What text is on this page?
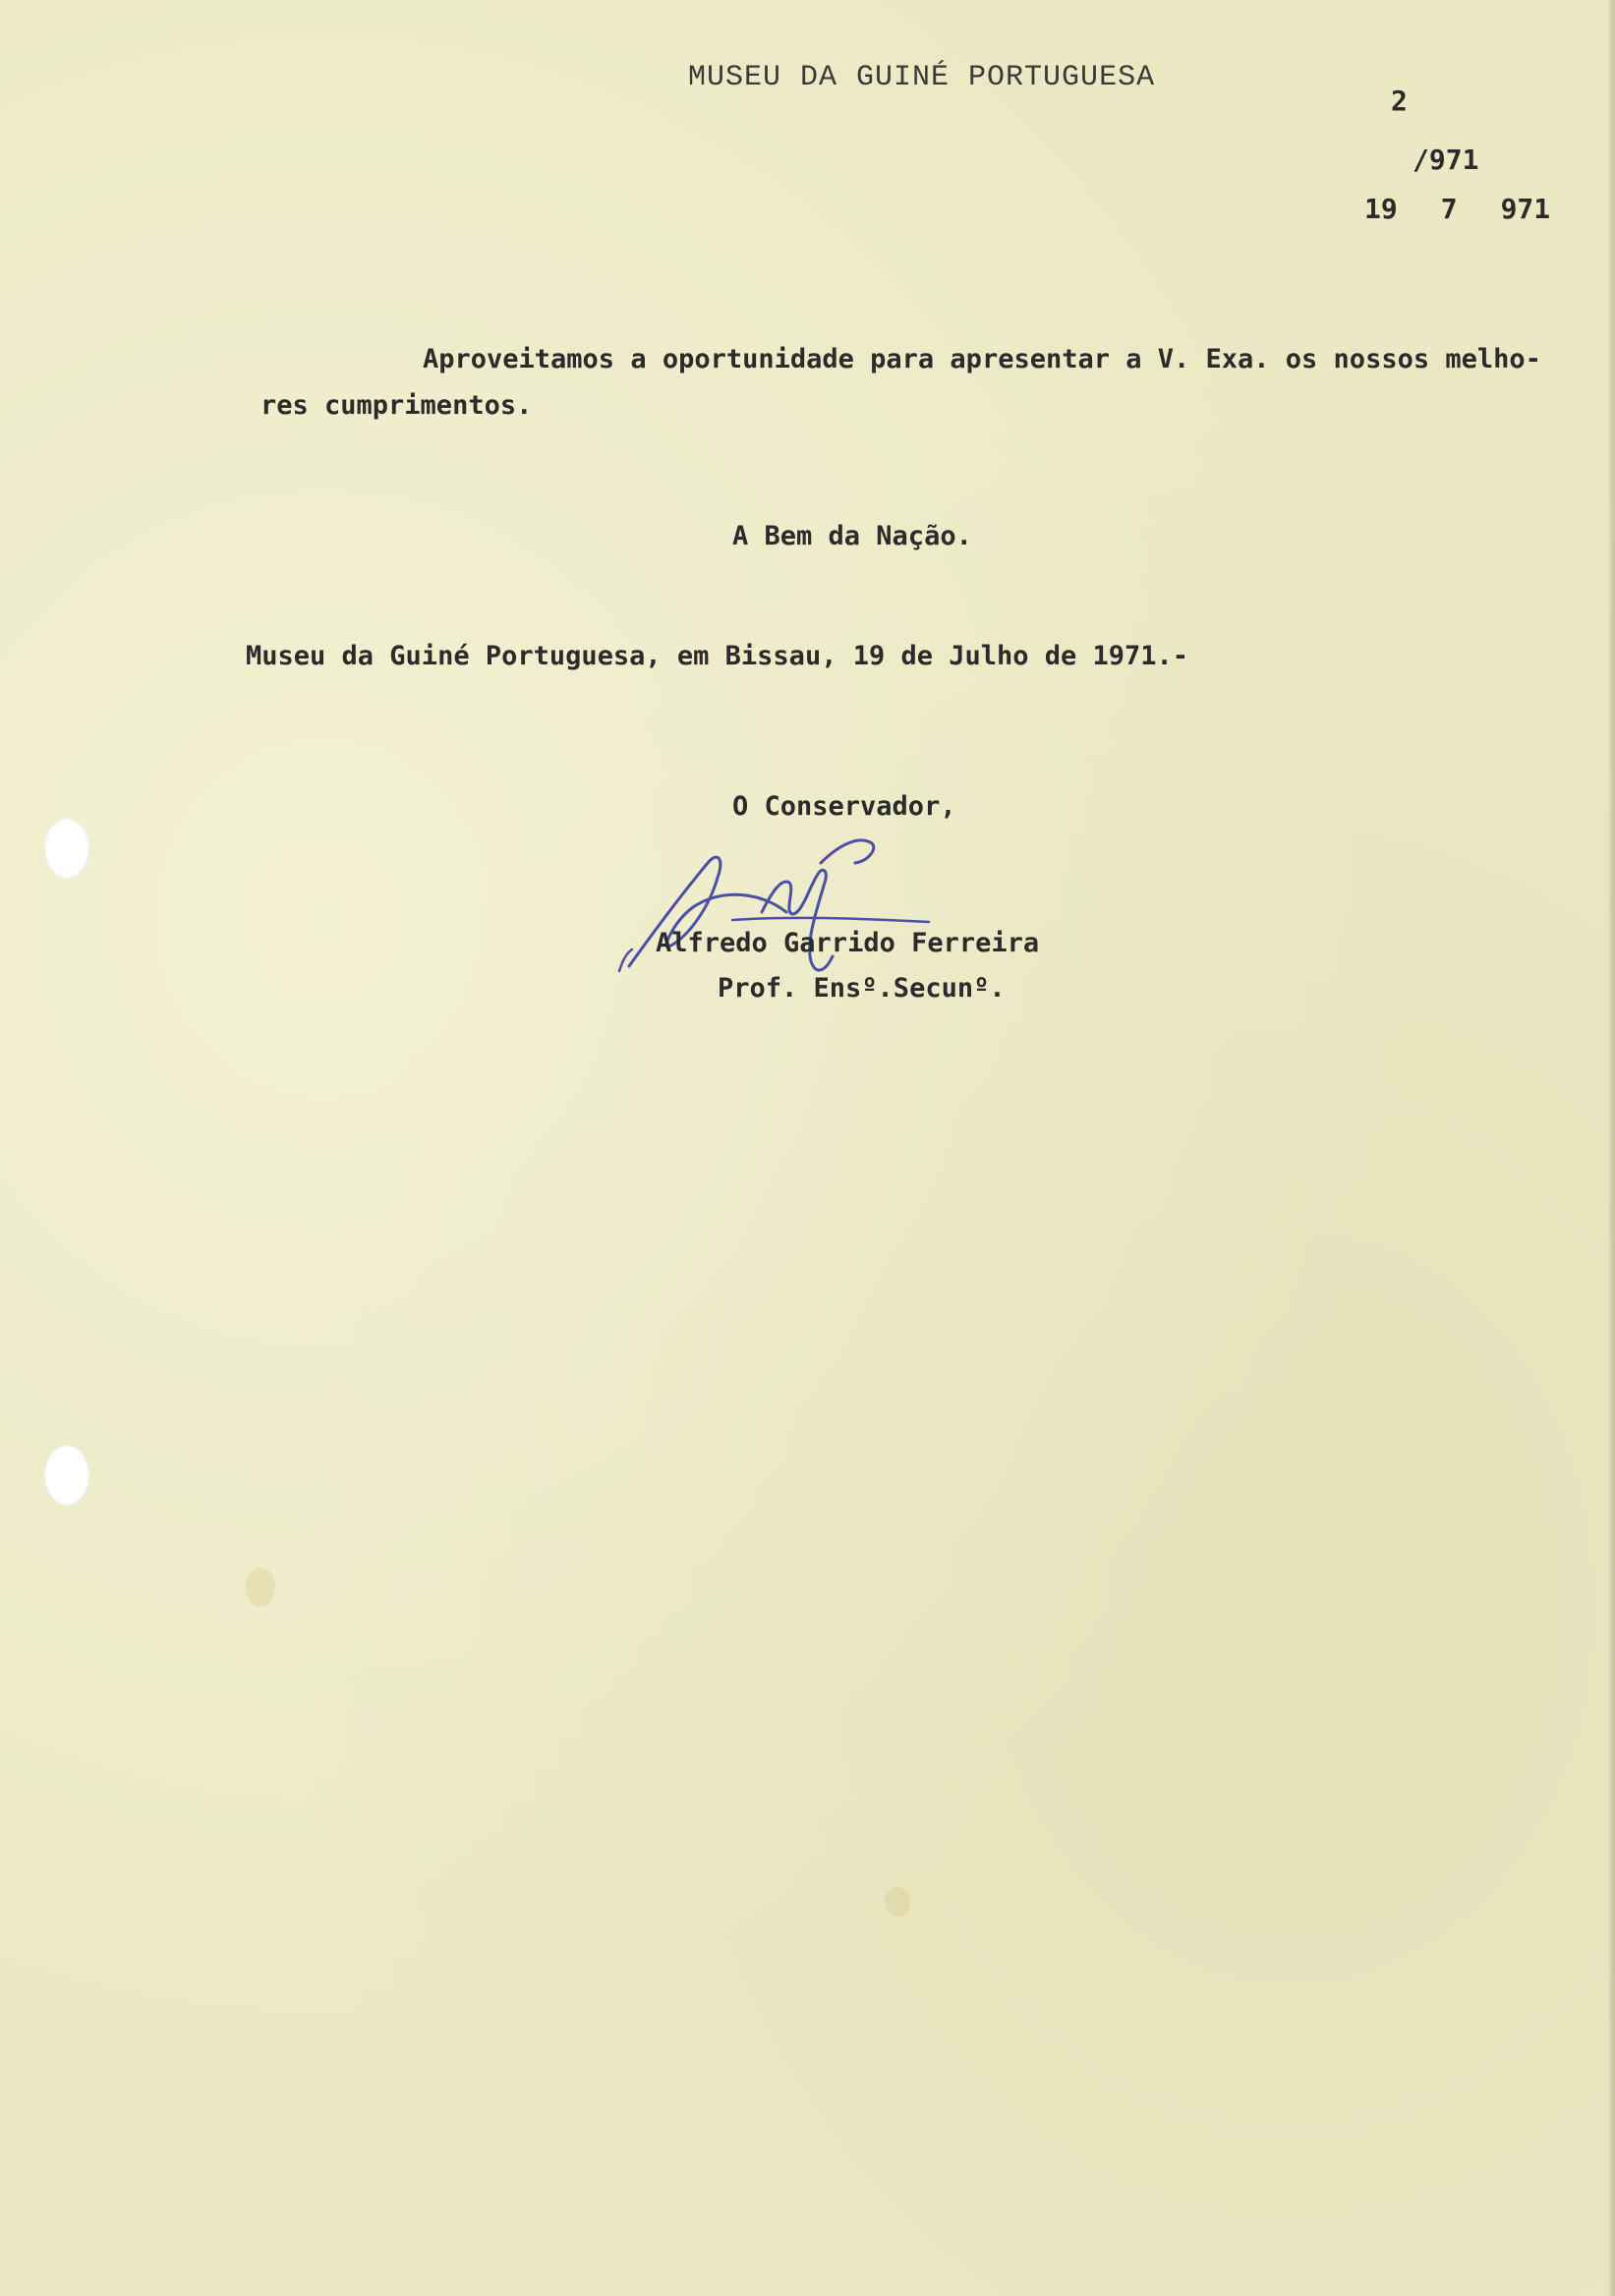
MUSEU DA GUINÉ PORTUGUESA
2
/971
19 7 971
Aproveitamos a oportunidade para apresentar a V. Exa. os nossos melho-
res cumprimentos.
A Bem da Nação.
Museu da Guiné Portuguesa, em Bissau, 19 de Julho de 1971.-
O Conservador,
Alfredo Garrido Ferreira
Prof. Ensº.Secunº.
